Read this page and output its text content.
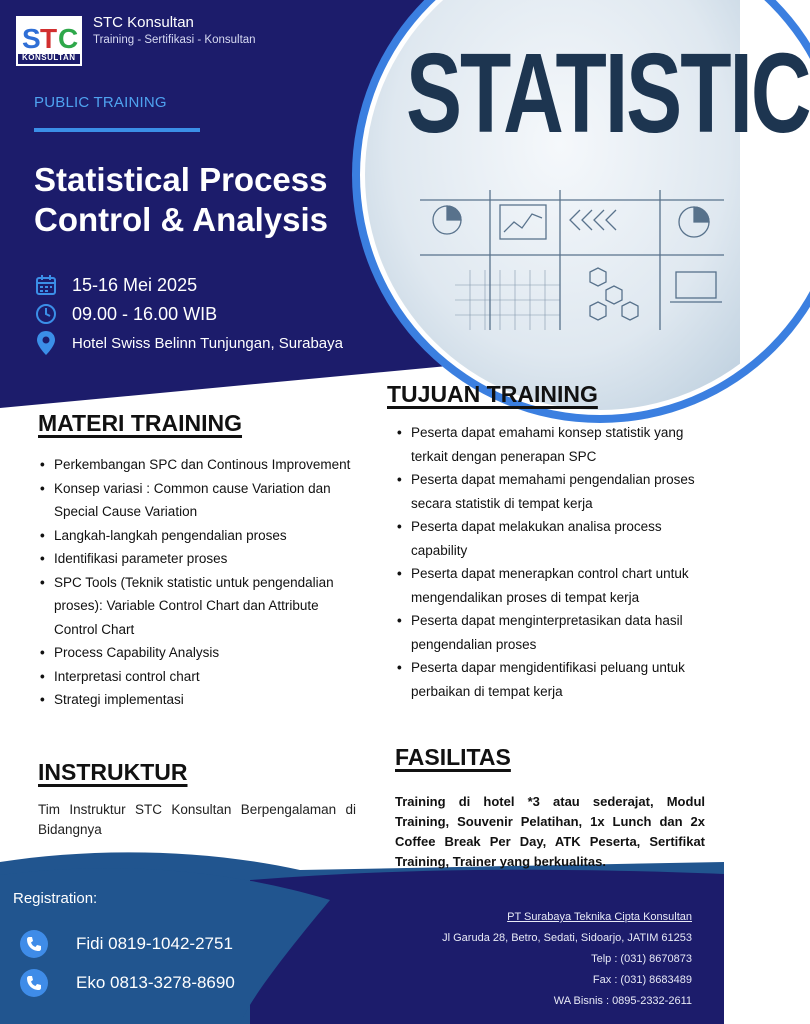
S T C
KONSULTAN
STC Konsultan
Training - Sertifikasi - Konsultan
PUBLIC TRAINING
Statistical Process
Control & Analysis
15-16 Mei 2025
09.00 - 16.00 WIB
Hotel Swiss Belinn Tunjungan, Surabaya
STATISTIC
MATERI TRAINING
• Perkembangan SPC dan Continous Improvement
• Konsep variasi : Common cause Variation dan Special Cause Variation
• Langkah-langkah pengendalian proses
• Identifikasi parameter proses
• SPC Tools (Teknik statistic untuk pengendalian proses): Variable Control Chart dan Attribute Control Chart
• Process Capability Analysis
• Interpretasi control chart
• Strategi implementasi
TUJUAN TRAINING
• Peserta dapat emahami konsep statistik yang terkait dengan penerapan SPC
• Peserta dapat memahami pengendalian proses secara statistik di tempat kerja
• Peserta dapat melakukan analisa process capability
• Peserta dapat menerapkan control chart untuk mengendalikan proses di tempat kerja
• Peserta dapat menginterpretasikan data hasil pengendalian proses
• Peserta dapar mengidentifikasi peluang untuk perbaikan di tempat kerja
INSTRUKTUR
Tim Instruktur STC Konsultan Berpengalaman di Bidangnya
FASILITAS
Training di hotel *3 atau sederajat, Modul Training, Souvenir Pelatihan, 1x Lunch dan 2x Coffee Break Per Day, ATK Peserta, Sertifikat Training, Trainer yang berkualitas.
Registration:
Fidi 0819-1042-2751
Eko 0813-3278-8690
PT Surabaya Teknika Cipta Konsultan
Jl Garuda 28, Betro, Sedati, Sidoarjo, JATIM 61253
Telp : (031) 8670873
Fax : (031) 8683489
WA Bisnis : 0895-2332-2611
